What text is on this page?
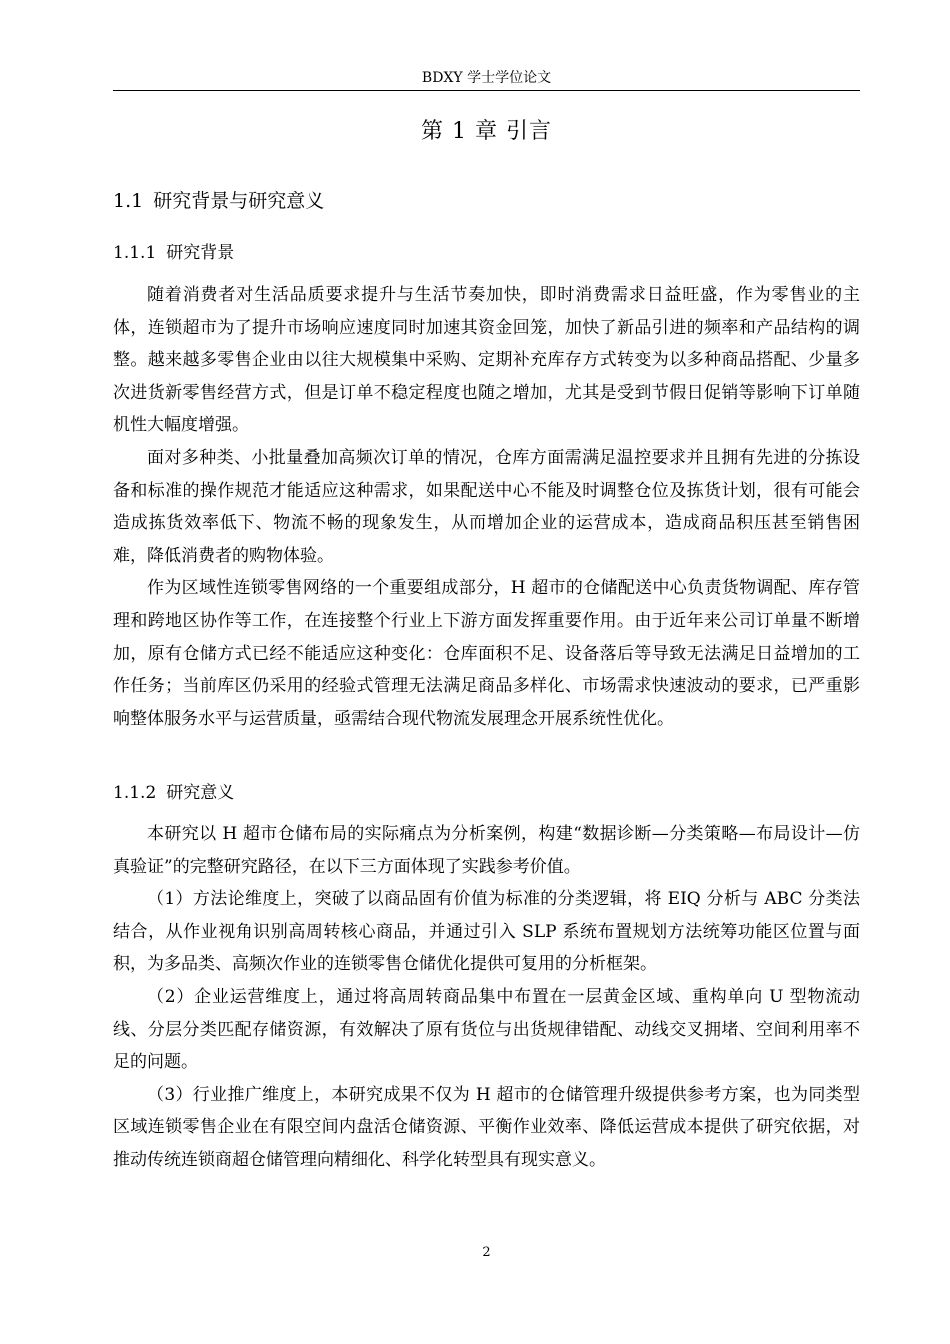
BDXY 学士学位论文
第 1 章 引言
1.1 研究背景与研究意义
1.1.1 研究背景

随着消费者对生活品质要求提升与生活节奏加快，即时消费需求日益旺盛，作为零售业的主体，连锁超市为了提升市场响应速度同时加速其资金回笼，加快了新品引进的频率和产品结构的调整。越来越多零售企业由以往大规模集中采购、定期补充库存方式转变为以多种商品搭配、少量多次进货新零售经营方式，但是订单不稳定程度也随之增加，尤其是受到节假日促销等影响下订单随机性大幅度增强。

面对多种类、小批量叠加高频次订单的情况，仓库方面需满足温控要求并且拥有先进的分拣设备和标准的操作规范才能适应这种需求，如果配送中心不能及时调整仓位及拣货计划，很有可能会造成拣货效率低下、物流不畅的现象发生，从而增加企业的运营成本，造成商品积压甚至销售困难，降低消费者的购物体验。

作为区域性连锁零售网络的一个重要组成部分，H 超市的仓储配送中心负责货物调配、库存管理和跨地区协作等工作，在连接整个行业上下游方面发挥重要作用。由于近年来公司订单量不断增加，原有仓储方式已经不能适应这种变化：仓库面积不足、设备落后等导致无法满足日益增加的工作任务；当前库区仍采用的经验式管理无法满足商品多样化、市场需求快速波动的要求，已严重影响整体服务水平与运营质量，亟需结合现代物流发展理念开展系统性优化。

1.1.2 研究意义

本研究以 H 超市仓储布局的实际痛点为分析案例，构建“数据诊断—分类策略—布局设计—仿真验证”的完整研究路径，在以下三方面体现了实践参考价值。

（1）方法论维度上，突破了以商品固有价值为标准的分类逻辑，将 EIQ 分析与 ABC 分类法结合，从作业视角识别高周转核心商品，并通过引入 SLP 系统布置规划方法统筹功能区位置与面积，为多品类、高频次作业的连锁零售仓储优化提供可复用的分析框架。

（2）企业运营维度上，通过将高周转商品集中布置在一层黄金区域、重构单向 U 型物流动线、分层分类匹配存储资源，有效解决了原有货位与出货规律错配、动线交叉拥堵、空间利用率不足的问题。

（3）行业推广维度上，本研究成果不仅为 H 超市的仓储管理升级提供参考方案，也为同类型区域连锁零售企业在有限空间内盘活仓储资源、平衡作业效率、降低运营成本提供了研究依据，对推动传统连锁商超仓储管理向精细化、科学化转型具有现实意义。

2
